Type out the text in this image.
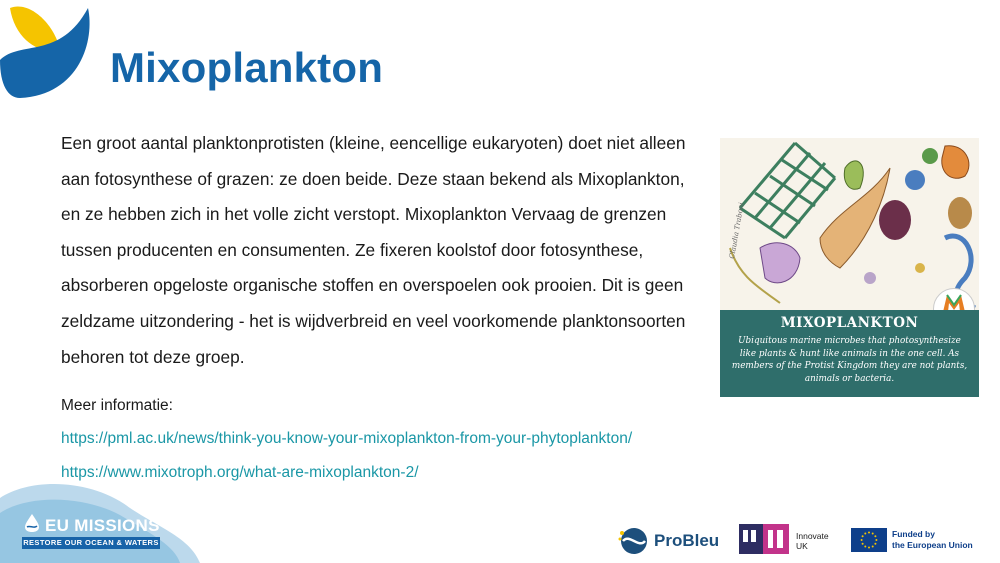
Mixoplankton
Een groot aantal planktonprotisten (kleine, eencellige eukaryoten) doet niet alleen aan fotosynthese of grazen: ze doen beide. Deze staan bekend als Mixoplankton, en ze hebben zich in het volle zicht verstopt. Mixoplankton Vervaag de grenzen tussen producenten en consumenten. Ze fixeren koolstof door fotosynthese, absorberen opgeloste organische stoffen en overspoelen ook prooien. Dit is geen zeldzame uitzondering - het is wijdverbreid en veel voorkomende planktonsoorten behoren tot deze groep.
Meer informatie:
https://pml.ac.uk/news/think-you-know-your-mixoplankton-from-your-phytoplankton/
https://www.mixotroph.org/what-are-mixoplankton-2/
Claudia Traboni
MIXOPLANKTON
Ubiquitous marine microbes that photosynthesize like plants & hunt like animals in the one cell. As members of the Protist Kingdom they are not plants, animals or bacteria.
EU MISSIONS
RESTORE OUR OCEAN & WATERS	ProBleu	Innovate
UK
Funded by
the European Union
